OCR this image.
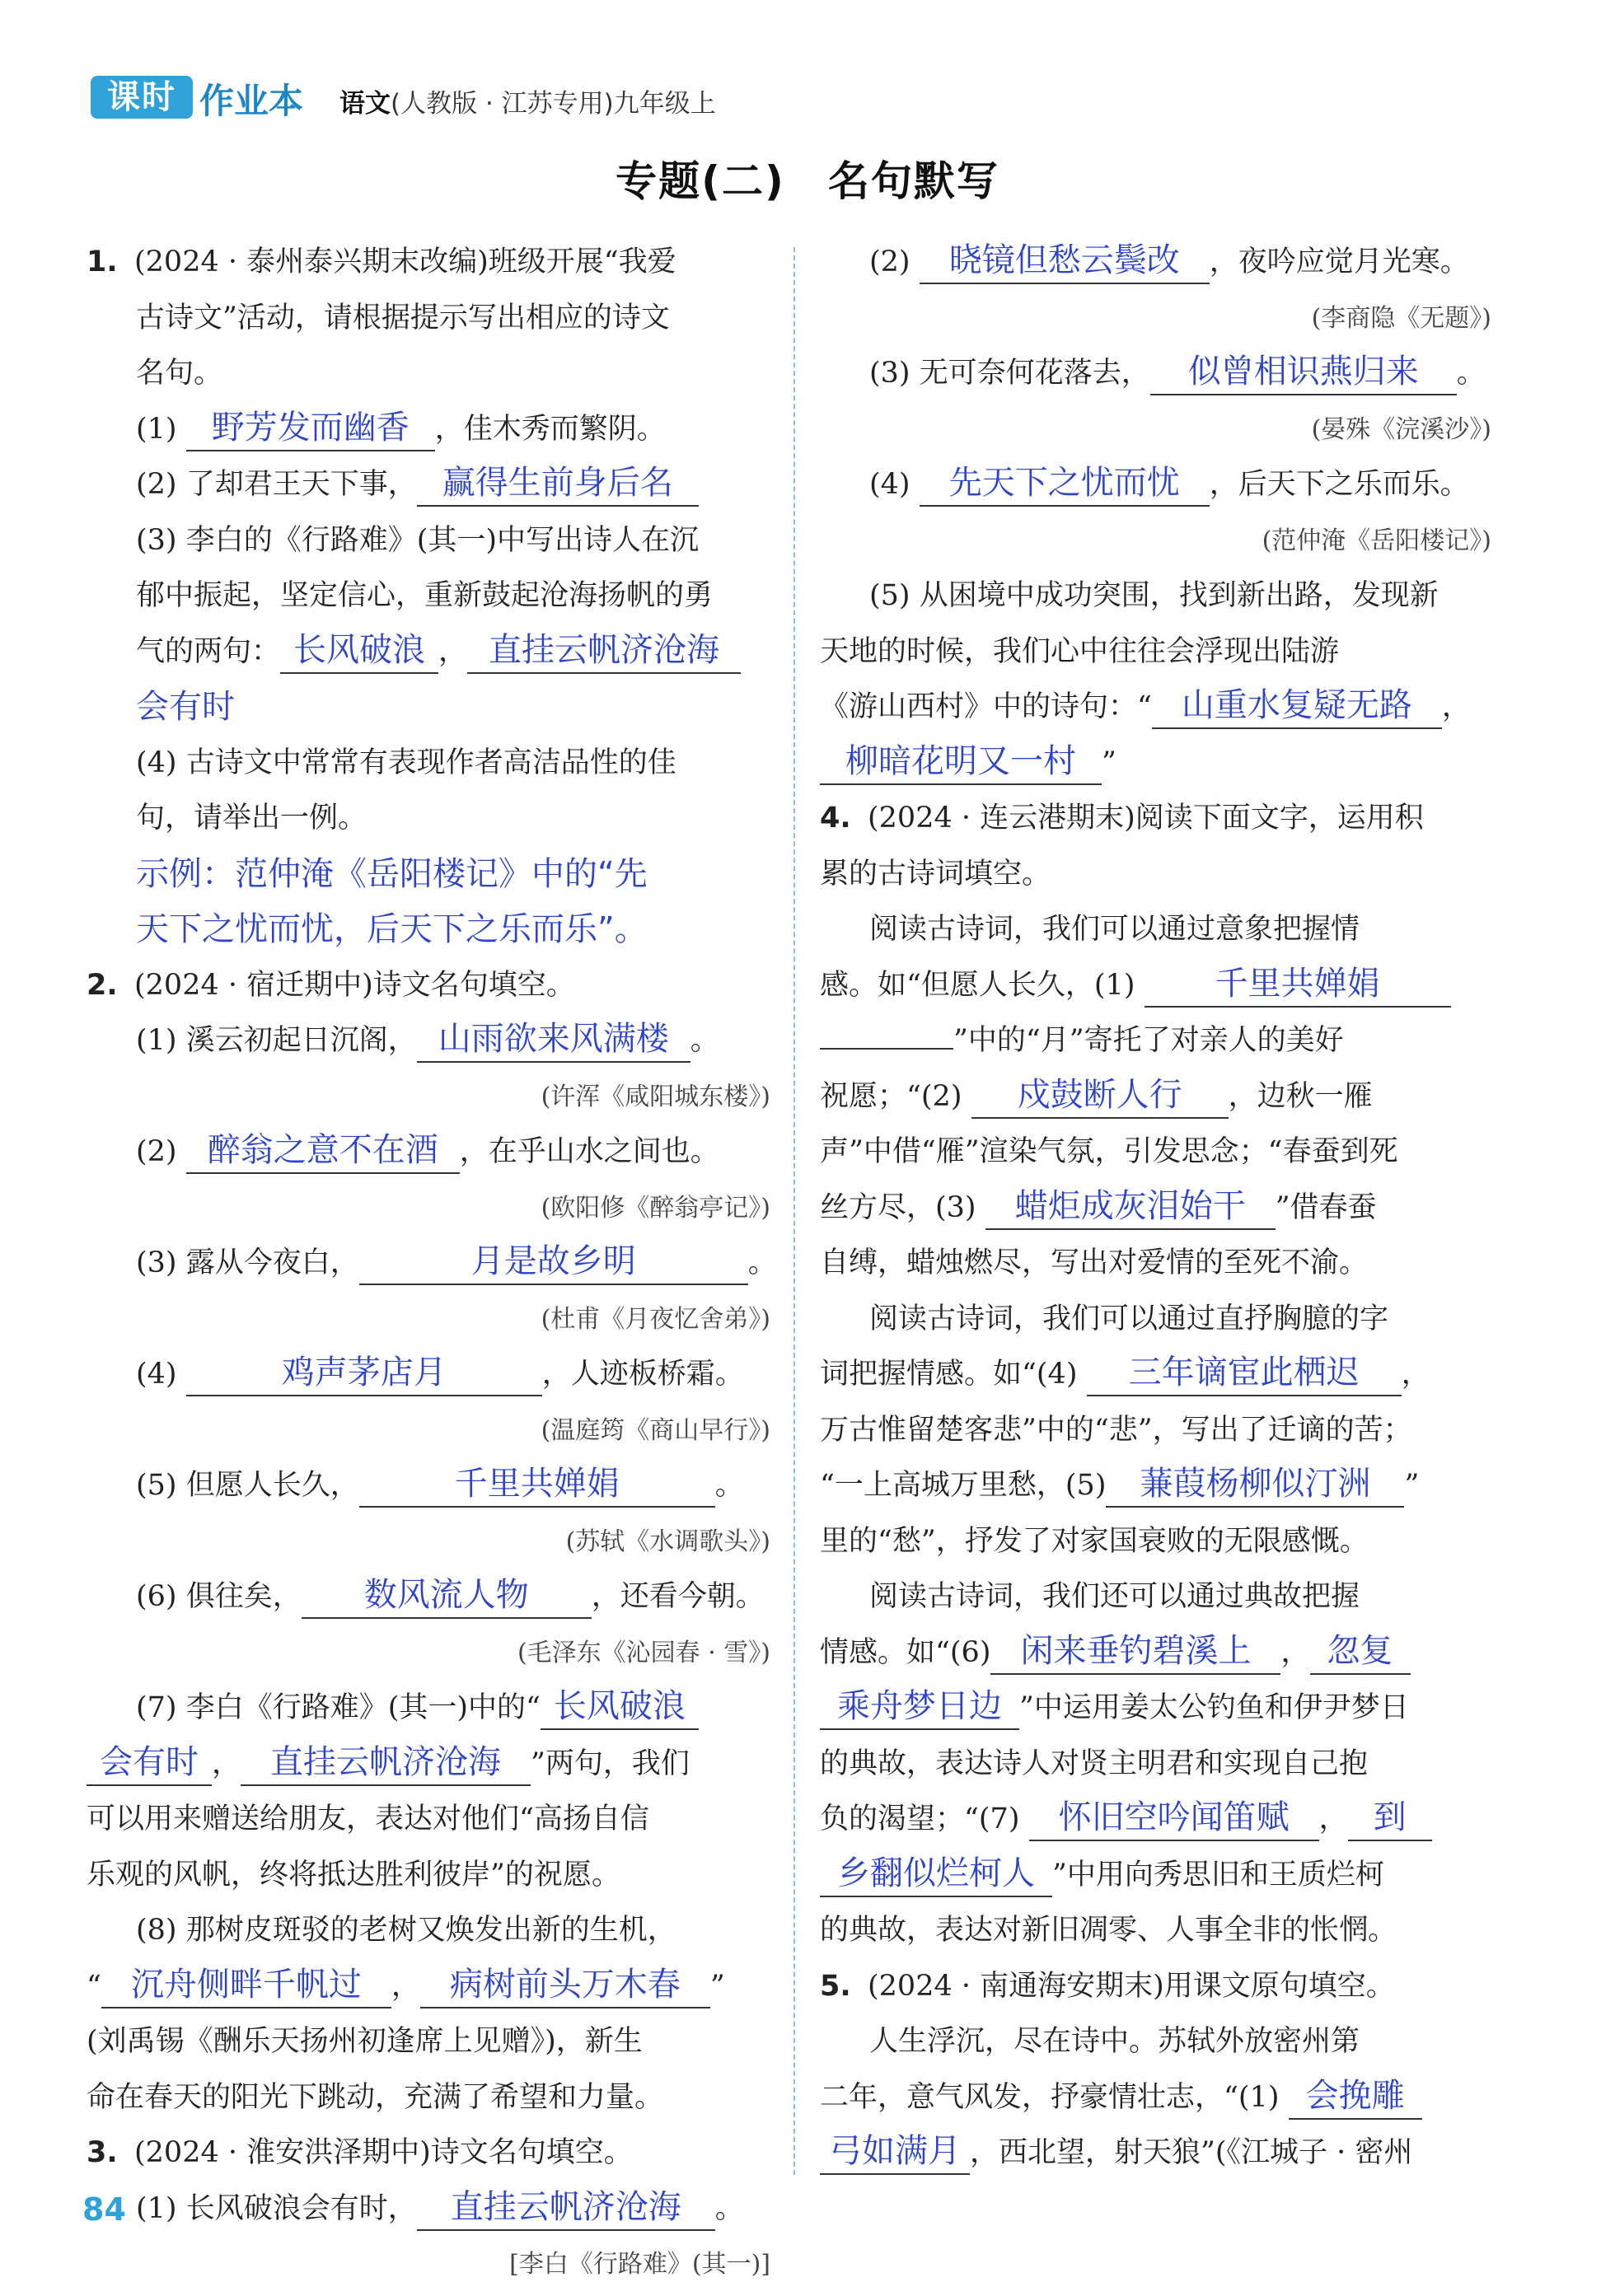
课时 作业本 语文(人教版 · 江苏专用)九年级上
专题(二)　名句默写
1. (2024 · 泰州泰兴期末改编)班级开展“我爱
古诗文”活动，请根据提示写出相应的诗文
名句。
(1) 野芳发而幽香 ，佳木秀而繁阴。
(2) 了却君王天下事， 赢得生前身后名
(3) 李白的《行路难》(其一)中写出诗人在沉
郁中振起，坚定信心，重新鼓起沧海扬帆的勇
气的两句： 长风破浪 ， 直挂云帆济沧海
会有时
(4) 古诗文中常常有表现作者高洁品性的佳
句，请举出一例。
示例：范仲淹《岳阳楼记》中的“先
天下之忧而忧，后天下之乐而乐”。
2. (2024 · 宿迁期中)诗文名句填空。
(1) 溪云初起日沉阁， 山雨欲来风满楼 。
(许浑《咸阳城东楼》)
(2) 醉翁之意不在酒 ，在乎山水之间也。
(欧阳修《醉翁亭记》)
(3) 露从今夜白，	月是故乡明	。
(杜甫《月夜忆舍弟》)
(4)	鸡声茅店月	，人迹板桥霜。
(温庭筠《商山早行》)
(5) 但愿人长久，	千里共婵娟	。
(苏轼《水调歌头》)
(6) 俱往矣， 数风流人物 ，还看今朝。
(毛泽东《沁园春 · 雪》)
(7) 李白《行路难》(其一)中的“ 长风破浪
会有时 ， 直挂云帆济沧海 ”两句，我们
可以用来赠送给朋友，表达对他们“高扬自信
乐观的风帆，终将抵达胜利彼岸”的祝愿。
(8) 那树皮斑驳的老树又焕发出新的生机，
“ 沉舟侧畔千帆过 ， 病树前头万木春 ”
(刘禹锡《酬乐天扬州初逢席上见赠》)，新生
命在春天的阳光下跳动，充满了希望和力量。
3. (2024 · 淮安洪泽期中)诗文名句填空。
(1) 长风破浪会有时， 直挂云帆济沧海 。
[李白《行路难》(其一)]
(2) 晓镜但愁云鬓改 ，夜吟应觉月光寒。
(李商隐《无题》)
(3) 无可奈何花落去， 似曾相识燕归来 。
(晏殊《浣溪沙》)
(4) 先天下之忧而忧 ，后天下之乐而乐。
(范仲淹《岳阳楼记》)
(5) 从困境中成功突围，找到新出路，发现新
天地的时候，我们心中往往会浮现出陆游
《游山西村》中的诗句：“ 山重水复疑无路 ，
柳暗花明又一村 ”
4. (2024 · 连云港期末)阅读下面文字，运用积
累的古诗词填空。
阅读古诗词，我们可以通过意象把握情
感。如“但愿人长久，(1) 千里共婵娟
”中的“月”寄托了对亲人的美好
祝愿；“(2) 戍鼓断人行 ，边秋一雁
声”中借“雁”渲染气氛，引发思念；“春蚕到死
丝方尽，(3) 蜡炬成灰泪始干 ”借春蚕
自缚，蜡烛燃尽，写出对爱情的至死不渝。
阅读古诗词，我们可以通过直抒胸臆的字
词把握情感。如“(4) 三年谪宦此栖迟 ，
万古惟留楚客悲”中的“悲”，写出了迁谪的苦；
“一上高城万里愁，(5) 蒹葭杨柳似汀洲 ”
里的“愁”，抒发了对家国衰败的无限感慨。
阅读古诗词，我们还可以通过典故把握
情感。如“(6) 闲来垂钓碧溪上 ， 忽复
乘舟梦日边 ”中运用姜太公钓鱼和伊尹梦日
的典故，表达诗人对贤主明君和实现自己抱
负的渴望；“(7) 怀旧空吟闻笛赋 ， 到
乡翻似烂柯人 ”中用向秀思旧和王质烂柯
的典故，表达对新旧凋零、人事全非的怅惘。
5. (2024 · 南通海安期末)用课文原句填空。
人生浮沉，尽在诗中。苏轼外放密州第
二年，意气风发，抒豪情壮志，“(1) 会挽雕
弓如满月 ，西北望，射天狼”(《江城子 · 密州
84
